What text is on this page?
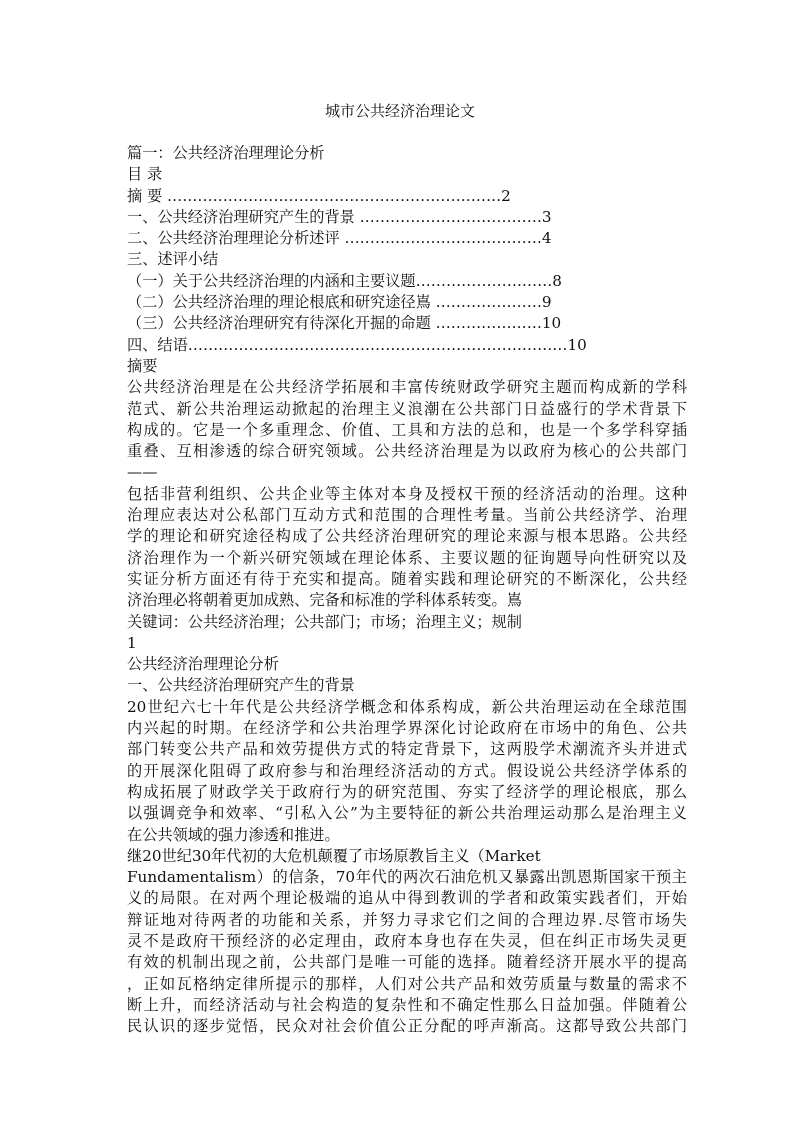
城市公共经济治理论文
篇一：公共经济治理理论分析
目 录
摘 要 …………………………………………………………2
一、公共经济治理研究产生的背景 ………………………………3
二、公共经济治理理论分析述评 …………………………………4
三、述评小结
（一）关于公共经济治理的内涵和主要议题………………………8
（二）公共经济治理的理论根底和研究途径嶌 …………………9
（三）公共经济治理研究有待深化开掘的命题 …………………10
四、结语…………………………………………………………………10
摘要
公共经济治理是在公共经济学拓展和丰富传统财政学研究主题而构成新的学科
范式、新公共治理运动掀起的治理主义浪潮在公共部门日益盛行的学术背景下
构成的。它是一个多重理念、价值、工具和方法的总和，也是一个多学科穿插
重叠、互相渗透的综合研究领域。公共经济治理是为以政府为核心的公共部门
——
包括非营利组织、公共企业等主体对本身及授权干预的经济活动的治理。这种
治理应表达对公私部门互动方式和范围的合理性考量。当前公共经济学、治理
学的理论和研究途径构成了公共经济治理研究的理论来源与根本思路。公共经
济治理作为一个新兴研究领域在理论体系、主要议题的征询题导向性研究以及
实证分析方面还有待于充实和提高。随着实践和理论研究的不断深化，公共经
济治理必将朝着更加成熟、完备和标准的学科体系转变。嶌
关键词：公共经济治理；公共部门；市场；治理主义；规制
1
公共经济治理理论分析
一、公共经济治理研究产生的背景
20世纪六七十年代是公共经济学概念和体系构成，新公共治理运动在全球范围
内兴起的时期。在经济学和公共治理学界深化讨论政府在市场中的角色、公共
部门转变公共产品和效劳提供方式的特定背景下，这两股学术潮流齐头并进式
的开展深化阻碍了政府参与和治理经济活动的方式。假设说公共经济学体系的
构成拓展了财政学关于政府行为的研究范围、夯实了经济学的理论根底，那么
以强调竞争和效率、“引私入公”为主要特征的新公共治理运动那么是治理主义
在公共领域的强力渗透和推进。
继20世纪30年代初的大危机颠覆了市场原教旨主义（Market
Fundamentalism）的信条，70年代的两次石油危机又暴露出凯恩斯国家干预主
义的局限。在对两个理论极端的追从中得到教训的学者和政策实践者们，开始
辩证地对待两者的功能和关系，并努力寻求它们之间的合理边界.尽管市场失
灵不是政府干预经济的必定理由，政府本身也存在失灵，但在纠正市场失灵更
有效的机制出现之前，公共部门是唯一可能的选择。随着经济开展水平的提高
，正如瓦格纳定律所提示的那样，人们对公共产品和效劳质量与数量的需求不
断上升，而经济活动与社会构造的复杂性和不确定性那么日益加强。伴随着公
民认识的逐步觉悟，民众对社会价值公正分配的呼声渐高。这都导致公共部门
